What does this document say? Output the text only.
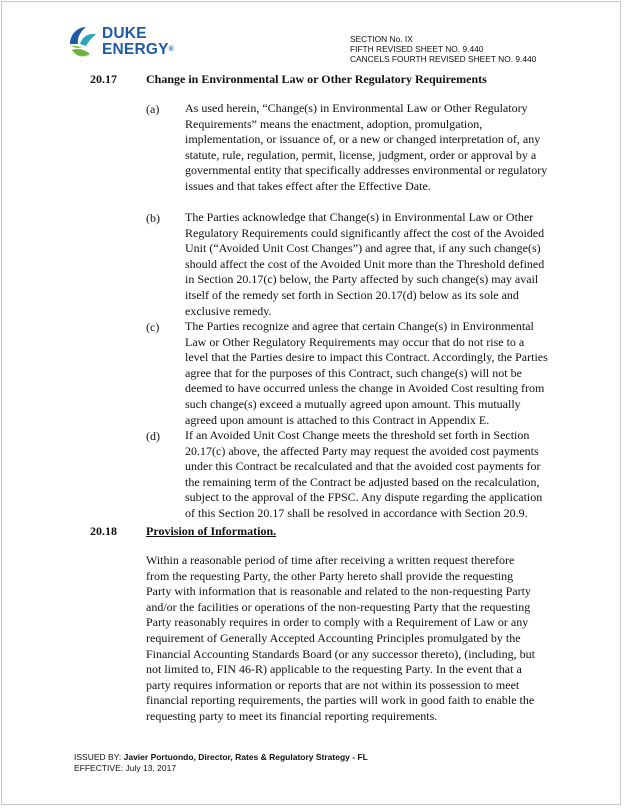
DUKE
ENERGY®
SECTION No. IX
FIFTH REVISED SHEET NO. 9.440
CANCELS FOURTH REVISED SHEET NO. 9.440
20.17 Change in Environmental Law or Other Regulatory Requirements
(a) As used herein, “Change(s) in Environmental Law or Other Regulatory Requirements” means the enactment, adoption, promulgation, implementation, or issuance of, or a new or changed interpretation of, any statute, rule, regulation, permit, license, judgment, order or approval by a governmental entity that specifically addresses environmental or regulatory issues and that takes effect after the Effective Date.
(b) The Parties acknowledge that Change(s) in Environmental Law or Other Regulatory Requirements could significantly affect the cost of the Avoided Unit (“Avoided Unit Cost Changes”) and agree that, if any such change(s) should affect the cost of the Avoided Unit more than the Threshold defined in Section 20.17(c) below, the Party affected by such change(s) may avail itself of the remedy set forth in Section 20.17(d) below as its sole and exclusive remedy.
(c) The Parties recognize and agree that certain Change(s) in Environmental Law or Other Regulatory Requirements may occur that do not rise to a level that the Parties desire to impact this Contract. Accordingly, the Parties agree that for the purposes of this Contract, such change(s) will not be deemed to have occurred unless the change in Avoided Cost resulting from such change(s) exceed a mutually agreed upon amount. This mutually agreed upon amount is attached to this Contract in Appendix E.
(d) If an Avoided Unit Cost Change meets the threshold set forth in Section 20.17(c) above, the affected Party may request the avoided cost payments under this Contract be recalculated and that the avoided cost payments for the remaining term of the Contract be adjusted based on the recalculation, subject to the approval of the FPSC. Any dispute regarding the application of this Section 20.17 shall be resolved in accordance with Section 20.9.
20.18 Provision of Information.
Within a reasonable period of time after receiving a written request therefore from the requesting Party, the other Party hereto shall provide the requesting Party with information that is reasonable and related to the non-requesting Party and/or the facilities or operations of the non-requesting Party that the requesting Party reasonably requires in order to comply with a Requirement of Law or any requirement of Generally Accepted Accounting Principles promulgated by the Financial Accounting Standards Board (or any successor thereto), (including, but not limited to, FIN 46-R) applicable to the requesting Party. In the event that a party requires information or reports that are not within its possession to meet financial reporting requirements, the parties will work in good faith to enable the requesting party to meet its financial reporting requirements.
ISSUED BY: Javier Portuondo, Director, Rates & Regulatory Strategy - FL
EFFECTIVE: July 13, 2017
